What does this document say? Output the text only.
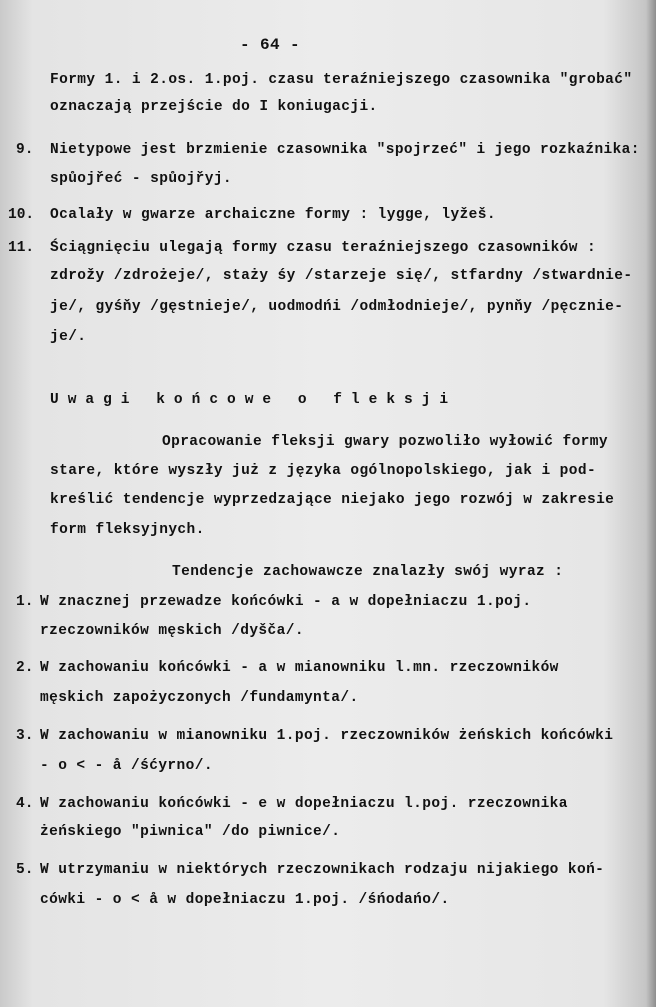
- 64 -
Formy 1. i 2.os. 1.poj. czasu teraźniejszego czasownika "grobać"
oznaczają przejście do I koniugacji.
9. Nietypowe jest brzmienie czasownika "spojrzeć" i jego rozkaźnika:
spůojřeć - spůojřyj.
10. Ocalały w gwarze archaiczne formy : lygge, lyžeš.
11. Ściągnięciu ulegają formy czasu teraźniejszego czasowników :
zdrožy /zdrożeje/, staży śy /starzeje się/, stfardny /stwardnie-
je/, gyśňy /gęstnieje/, uodmodńi /odmłodnieje/, pynňy /pęcznie-
je/.
Uwagi końcowe o fleksji
Opracowanie fleksji gwary pozwoliło wyłowić formy
stare, które wyszły już z języka ogólnopolskiego, jak i pod-
kreślić tendencje wyprzedzające niejako jego rozwój w zakresie
form fleksyjnych.
Tendencje zachowawcze znalazły swój wyraz :
1. W znacznej przewadze końcówki - a w dopełniaczu 1.poj.
rzeczowników męskich /dyšča/.
2. W zachowaniu końcówki - a w mianowniku l.mn. rzeczowników
męskich zapożyczonych /fundamynta/.
3. W zachowaniu w mianowniku 1.poj. rzeczowników żeńskich końcówki
- o < - å /śćyrno/.
4. W zachowaniu końcówki - e w dopełniaczu l.poj. rzeczownika
żeńskiego "piwnica" /do piwnice/.
5. W utrzymaniu w niektórych rzeczownikach rodzaju nijakiego koń-
cówki - o < å w dopełniaczu 1.poj. /śńodańo/.
